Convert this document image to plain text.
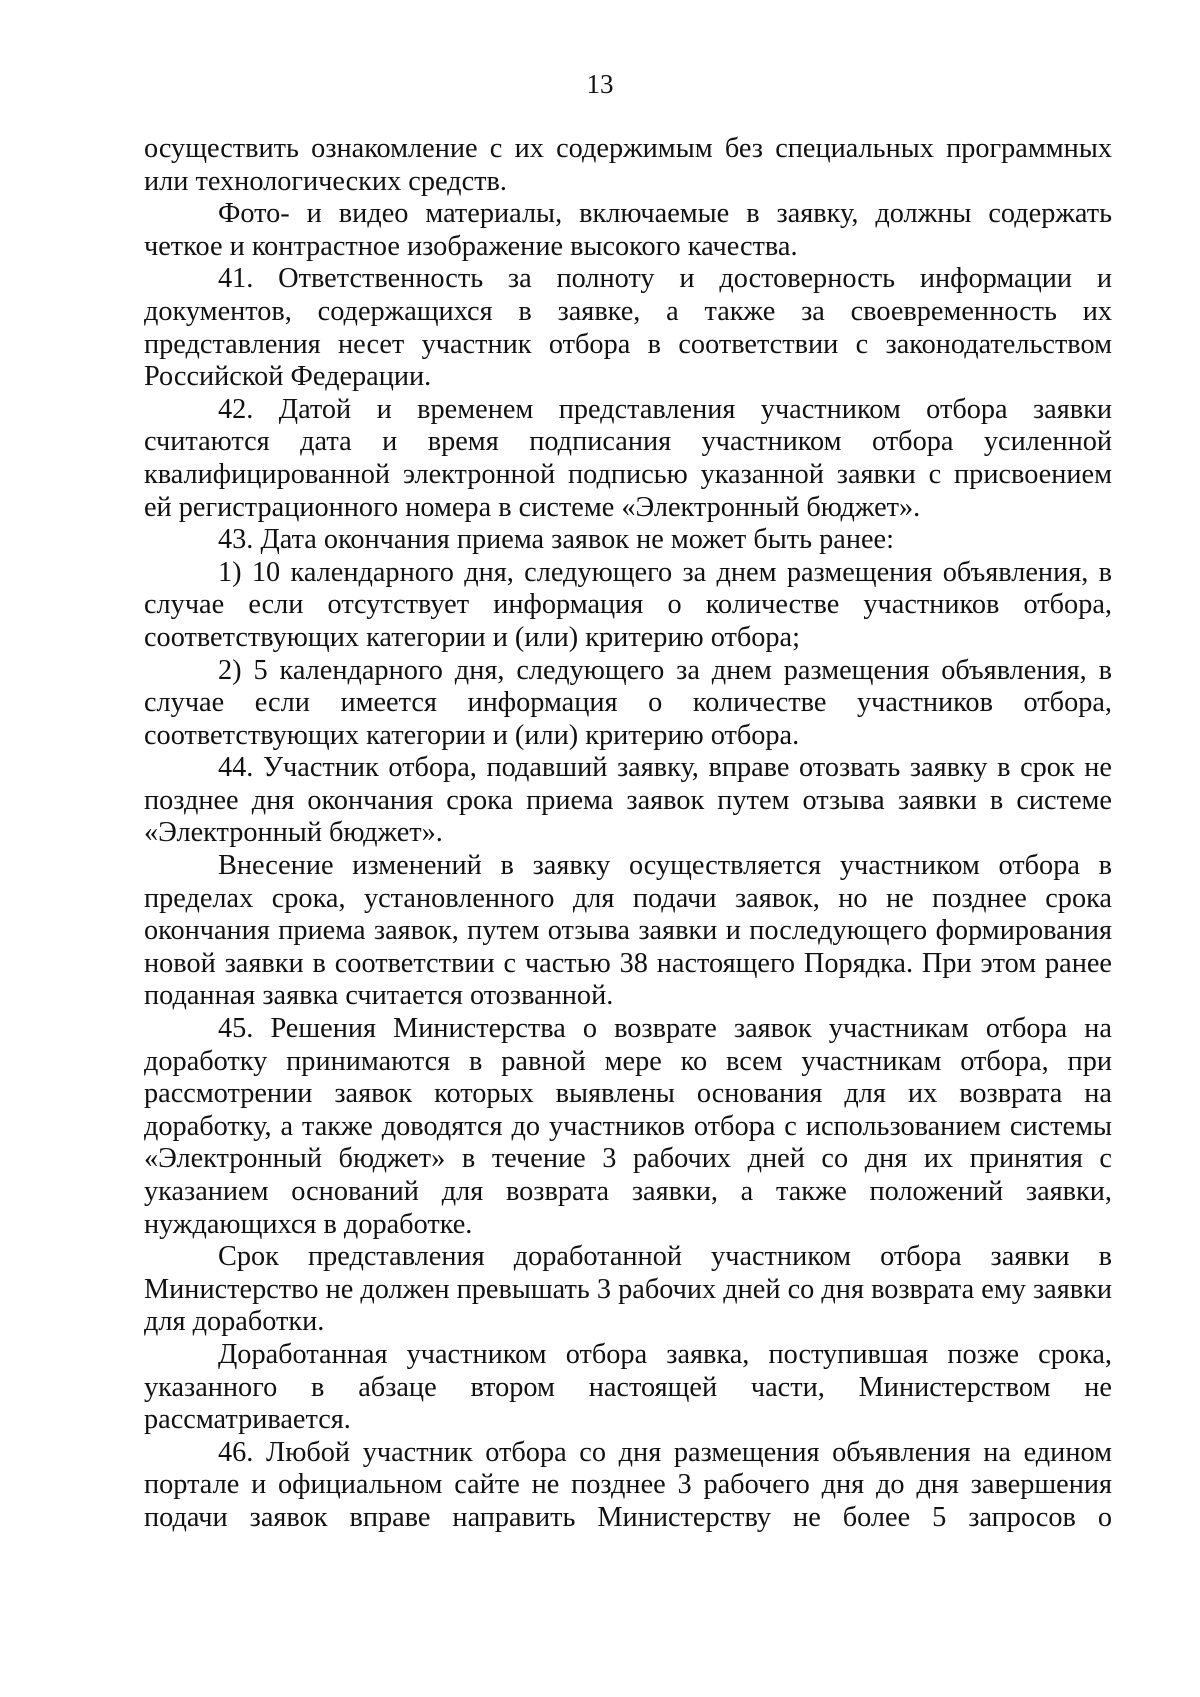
13

осуществить ознакомление с их содержимым без специальных программных или технологических средств.

Фото- и видео материалы, включаемые в заявку, должны содержать четкое и контрастное изображение высокого качества.

41. Ответственность за полноту и достоверность информации и документов, содержащихся в заявке, а также за своевременность их представления несет участник отбора в соответствии с законодательством Российской Федерации.

42. Датой и временем представления участником отбора заявки считаются дата и время подписания участником отбора усиленной квалифицированной электронной подписью указанной заявки с присвоением ей регистрационного номера в системе «Электронный бюджет».

43. Дата окончания приема заявок не может быть ранее:

1) 10 календарного дня, следующего за днем размещения объявления, в случае если отсутствует информация о количестве участников отбора, соответствующих категории и (или) критерию отбора;

2) 5 календарного дня, следующего за днем размещения объявления, в случае если имеется информация о количестве участников отбора, соответствующих категории и (или) критерию отбора.

44. Участник отбора, подавший заявку, вправе отозвать заявку в срок не позднее дня окончания срока приема заявок путем отзыва заявки в системе «Электронный бюджет».

Внесение изменений в заявку осуществляется участником отбора в пределах срока, установленного для подачи заявок, но не позднее срока окончания приема заявок, путем отзыва заявки и последующего формирования новой заявки в соответствии с частью 38 настоящего Порядка. При этом ранее поданная заявка считается отозванной.

45. Решения Министерства о возврате заявок участникам отбора на доработку принимаются в равной мере ко всем участникам отбора, при рассмотрении заявок которых выявлены основания для их возврата на доработку, а также доводятся до участников отбора с использованием системы «Электронный бюджет» в течение 3 рабочих дней со дня их принятия с указанием оснований для возврата заявки, а также положений заявки, нуждающихся в доработке.

Срок представления доработанной участником отбора заявки в Министерство не должен превышать 3 рабочих дней со дня возврата ему заявки для доработки.

Доработанная участником отбора заявка, поступившая позже срока, указанного в абзаце втором настоящей части, Министерством не рассматривается.

46. Любой участник отбора со дня размещения объявления на едином портале и официальном сайте не позднее 3 рабочего дня до дня завершения подачи заявок вправе направить Министерству не более 5 запросов о
